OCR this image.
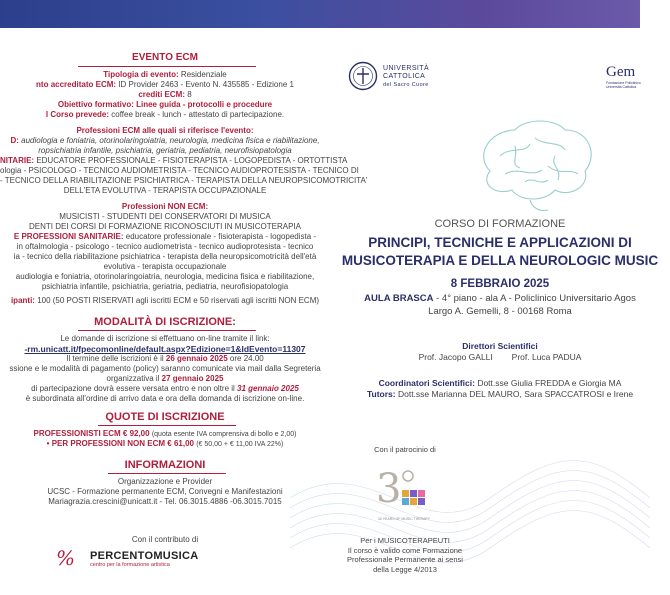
EVENTO ECM
Tipologia di evento: Residenziale
nto accreditato ECM: ID Provider 2463 - Evento N. 435585 - Edizione 1
crediti ECM: 8
Obiettivo formativo: Linee guida - protocolli e procedure
l Corso prevede: coffee break - lunch - attestato di partecipazione.
Professioni ECM alle quali si riferisce l'evento:
D: audiologia e foniatria, otorinolaringoiatria, neurologia, medicina fisica e riabilitazione,
ropsichiatria infantile, psichiatria, geriatria, pediatria, neurofisiopatologia
NITARIE: EDUCATORE PROFESSIONALE - FISIOTERAPISTA - LOGOPEDISTA - ORTOTTISTA
ologia - PSICOLOGO - TECNICO AUDIOMETRISTA - TECNICO AUDIOPROTESISTA - TECNICO DI
- TECNICO DELLA RIABILITAZIONE PSICHIATRICA - TERAPISTA DELLA NEUROPSICOMOTRICITA'
DELL'ETA EVOLUTIVA - TERAPISTA OCCUPAZIONALE
Professioni NON ECM:
MUSICISTI - STUDENTI DEI CONSERVATORI DI MUSICA
DENTI DEI CORSI DI FORMAZIONE RICONOSCIUTI IN MUSICOTERAPIA
E PROFESSIONI SANITARIE: educatore professionale - fisioterapista - logopedista -
in oftalmologia - psicologo - tecnico audiometrista - tecnico audioprotesista - tecnico
ia - tecnico della riabilitazione psichiatrica - terapista della neuropsicomotricità dell'età
evolutiva - terapista occupazionale
audiologia e foniatria, otorinolaringoiatria, neurologia, medicina fisica e riabilitazione,
psichiatria infantile, psichiatria, geriatria, pediatria, neurofisiopatologia
ipanti: 100 (50 POSTI RISERVATI agli iscritti ECM e 50 riservati agli iscritti NON ECM)
MODALITÀ DI ISCRIZIONE:
Le domande di iscrizione si effettuano on-line tramite il link:
-rm.unicatt.it/fpecomonline/default.aspx?Edizione=1&IdEvento=11307
Il termine delle iscrizioni è il 26 gennaio 2025 ore 24.00
ssione e le modalità di pagamento (policy) saranno comunicate via mail dalla Segreteria
organizzativa il 27 gennaio 2025
di partecipazione dovrà essere versata entro e non oltre il 31 gennaio 2025
è subordinata all'ordine di arrivo data e ora della domanda di iscrizione on-line.
QUOTE DI ISCRIZIONE
PROFESSIONISTI ECM € 92,00 (quota esente IVA comprensiva di bollo e 2,00)
• PER PROFESSIONI NON ECM € 61,00 (€ 50,00 + € 11,00 IVA 22%)
INFORMAZIONI
Organizzazione e Provider
UCSC - Formazione permanente ECM, Convegni e Manifestazioni
Mariagrazia.crescini@unicatt.it - Tel. 06.3015.4886 -06.3015.7015
Con il contributo di
% PERCENTOMUSICA
centro per la formazione artistica
UNIVERSITÀ
CATTOLICA
del Sacro Cuore
Gem
Fondazione Policlinico
Università Cattolica
CORSO DI FORMAZIONE
PRINCIPI, TECNICHE E APPLICAZIONI DI
MUSICOTERAPIA E DELLA NEUROLOGIC MUSIC
8 FEBBRAIO 2025
AULA BRASCA - 4° piano - ala A - Policlinico Universitario Agos
Largo A. Gemelli, 8 - 00168 Roma
Direttori Scientifici
Prof. Jacopo GALLI        Prof. Luca PADUA
Coordinatori Scientifici: Dott.sse Giulia FREDDA e Giorgia MA
Tutors: Dott.sse Marianna DEL MAURO, Sara SPACCATROSI e Irene
Con il patrocinio di
3
30 YEARS OF MUSIC THERAPY
Per i MUSICOTERAPEUTI
Il corso è valido come Formazione
Professionale Permanente ai sensi
della Legge 4/2013
